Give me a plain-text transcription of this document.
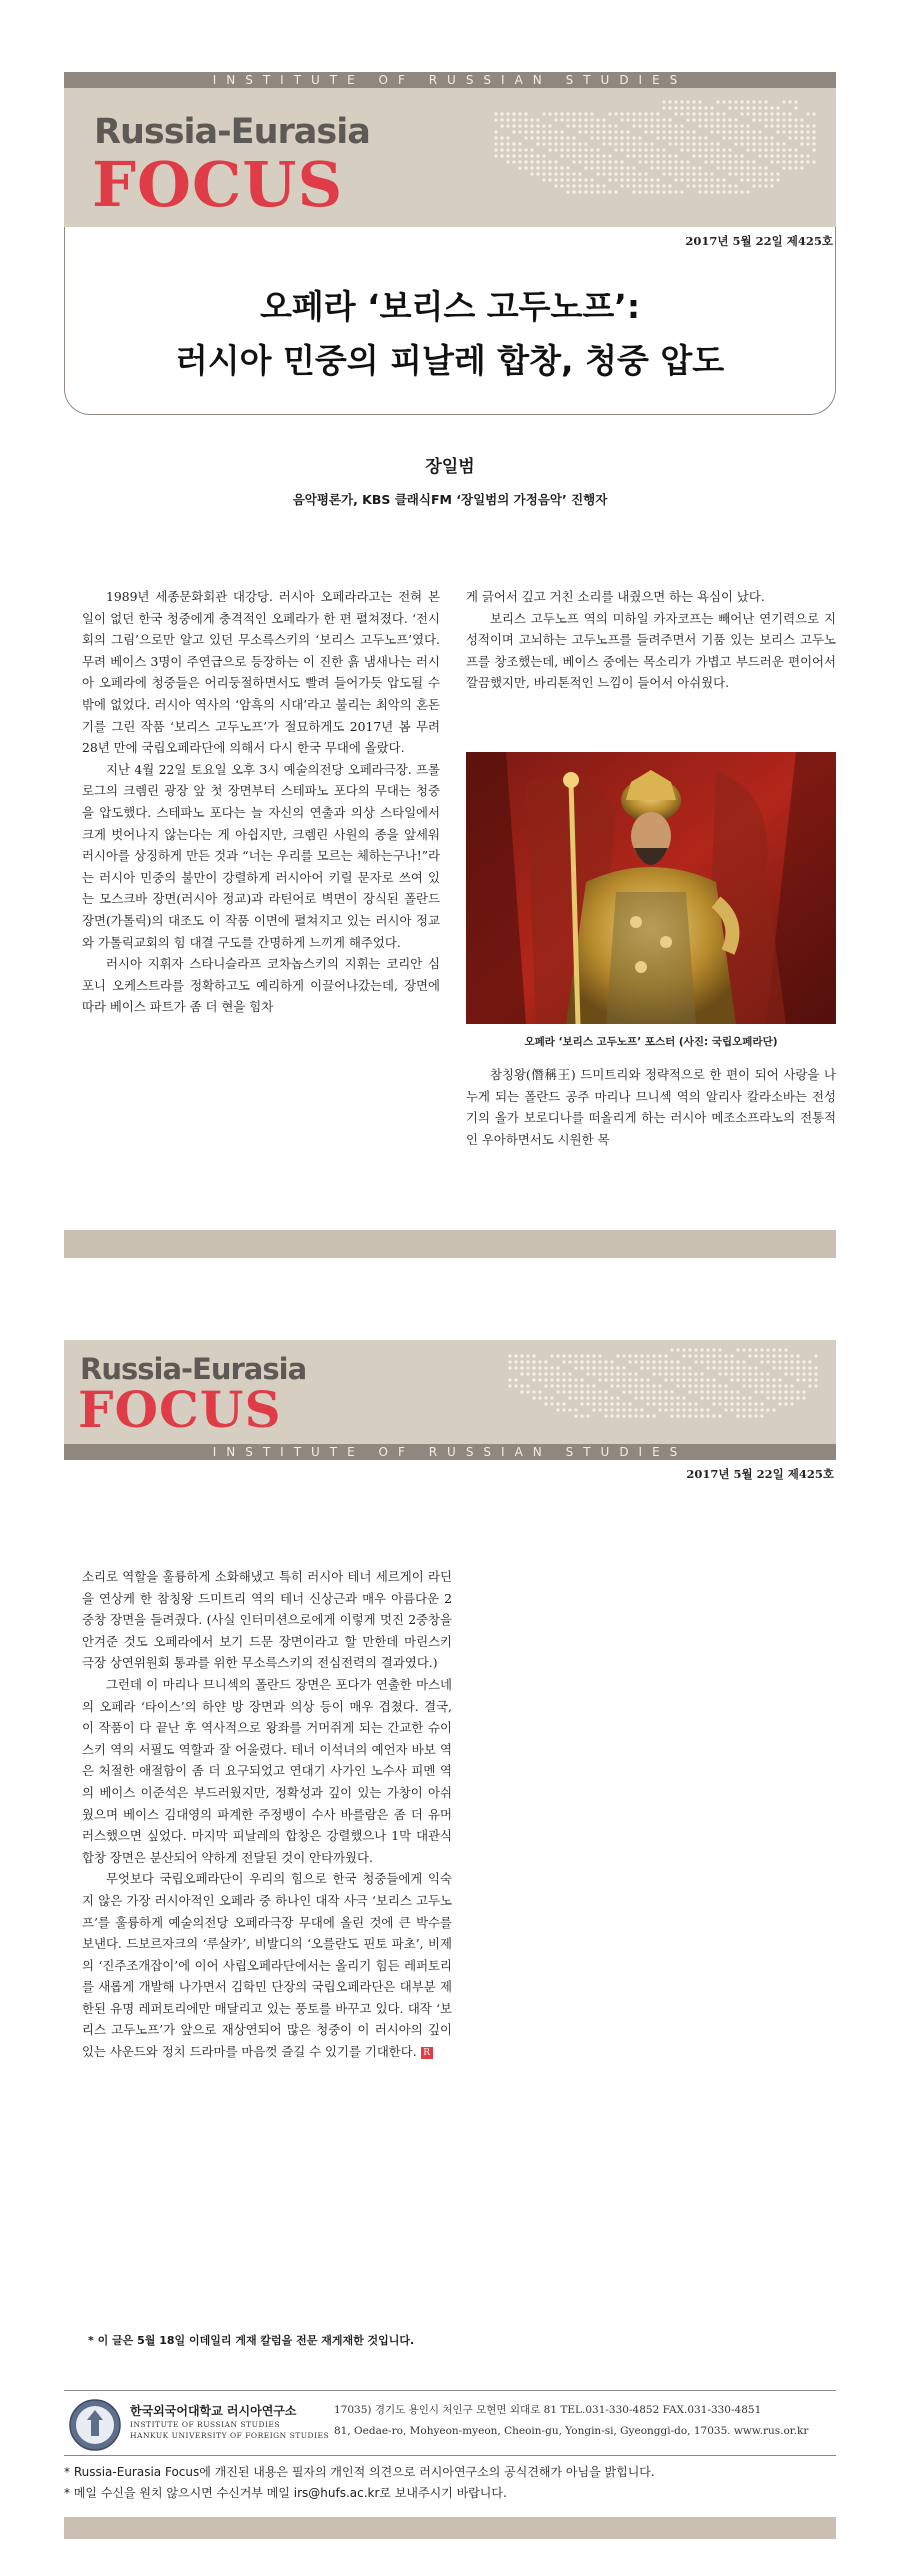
INSTITUTE OF RUSSIAN STUDIES
Russia-Eurasia
FOCUS
2017년 5월 22일 제425호
오페라 ‘보리스 고두노프’:
러시아 민중의 피날레 합창, 청중 압도
장일범
음악평론가, KBS 클래식FM ‘장일범의 가정음악’ 진행자

1989년 세종문화회관 대강당. 러시아 오페라라고는 전혀 본 일이 없던 한국 청중에게 충격적인 오페라가 한 편 펼쳐졌다. ‘전시회의 그림’으로만 알고 있던 무소륵스키의 ‘보리스 고두노프’였다. 무려 베이스 3명이 주연급으로 등장하는 이 진한 흙 냄새나는 러시아 오페라에 청중들은 어리둥절하면서도 빨려 들어가듯 압도될 수밖에 없었다. 러시아 역사의 ‘암흑의 시대’라고 불리는 최악의 혼돈기를 그린 작품 ‘보리스 고두노프’가 절묘하게도 2017년 봄 무려 28년 만에 국립오페라단에 의해서 다시 한국 무대에 올랐다.

지난 4월 22일 토요일 오후 3시 예술의전당 오페라극장. 프롤로그의 크렘린 광장 앞 첫 장면부터 스테파노 포다의 무대는 청중을 압도했다. 스테파노 포다는 늘 자신의 연출과 의상 스타일에서 크게 벗어나지 않는다는 게 아쉽지만, 크렘린 사원의 종을 앞세워 러시아를 상징하게 만든 것과 “너는 우리를 모르는 체하는구나!”라는 러시아 민중의 불만이 강렬하게 러시아어 키릴 문자로 쓰여 있는 모스크바 장면(러시아 정교)과 라틴어로 벽면이 장식된 폴란드 장면(가톨릭)의 대조도 이 작품 이면에 펼쳐지고 있는 러시아 정교와 가톨릭교회의 힘 대결 구도를 간명하게 느끼게 해주었다.

러시아 지휘자 스타니슬라프 코차놉스키의 지휘는 코리안 심포니 오케스트라를 정확하고도 예리하게 이끌어나갔는데, 장면에 따라 베이스 파트가 좀 더 현을 힘차

게 긁어서 깊고 거친 소리를 내줬으면 하는 욕심이 났다.

보리스 고두노프 역의 미하일 카자코프는 빼어난 연기력으로 지성적이며 고뇌하는 고두노프를 들려주면서 기품 있는 보리스 고두노프를 창조했는데, 베이스 중에는 목소리가 가볍고 부드러운 편이어서 깔끔했지만, 바리톤적인 느낌이 들어서 아쉬웠다.

오페라 ‘보리스 고두노프’ 포스터 (사진: 국립오페라단)

참칭왕(僭稱王) 드미트리와 정략적으로 한 편이 되어 사랑을 나누게 되는 폴란드 공주 마리나 므니섹 역의 알리사 칼라소바는 전성기의 올가 보로디나를 떠올리게 하는 러시아 메조소프라노의 전통적인 우아하면서도 시원한 목

Russia-Eurasia
FOCUS
INSTITUTE OF RUSSIAN STUDIES
2017년 5월 22일 제425호

소리로 역할을 훌륭하게 소화해냈고 특히 러시아 테너 세르게이 라딘을 연상케 한 참칭왕 드미트리 역의 테너 신상근과 매우 아름다운 2중창 장면을 들려줬다. (사실 인터미션으로에게 이렇게 멋진 2중창을 안겨준 것도 오페라에서 보기 드문 장면이라고 할 만한데 마린스키 극장 상연위원회 통과를 위한 무소륵스키의 전심전력의 결과였다.)

그런데 이 마리나 므니섹의 폴란드 장면은 포다가 연출한 마스네의 오페라 ‘타이스’의 하얀 방 장면과 의상 등이 매우 겹쳤다. 결국, 이 작품이 다 끝난 후 역사적으로 왕좌를 거머쥐게 되는 간교한 슈이스키 역의 서필도 역할과 잘 어울렸다. 테너 이석녀의 예언자 바보 역은 처절한 애절함이 좀 더 요구되었고 연대기 사가인 노수사 피멘 역의 베이스 이준석은 부드러웠지만, 정확성과 깊이 있는 가창이 아쉬웠으며 베이스 김대영의 파계한 주정뱅이 수사 바를람은 좀 더 유머러스했으면 싶었다. 마지막 피날레의 합창은 강렬했으나 1막 대관식 합창 장면은 분산되어 약하게 전달된 것이 안타까웠다.

무엇보다 국립오페라단이 우리의 힘으로 한국 청중들에게 익숙지 않은 가장 러시아적인 오페라 중 하나인 대작 사극 ‘보리스 고두노프’를 훌륭하게 예술의전당 오페라극장 무대에 올린 것에 큰 박수를 보낸다. 드보르자크의 ‘루살카’, 비발디의 ‘오를란도 핀토 파초’, 비제의 ‘진주조개잡이’에 이어 사립오페라단에서는 올리기 힘든 레퍼토리를 새롭게 개발해 나가면서 김학민 단장의 국립오페라단은 대부분 제한된 유명 레퍼토리에만 매달리고 있는 풍토를 바꾸고 있다. 대작 ‘보리스 고두노프’가 앞으로 재상연되어 많은 청중이 이 러시아의 깊이 있는 사운드와 정치 드라마를 마음껏 즐길 수 있기를 기대한다. R

* 이 글은 5월 18일 이데일리 게재 칼럼을 전문 재게재한 것입니다.
한국외국어대학교 러시아연구소
INSTITUTE OF RUSSIAN STUDIES
HANKUK UNIVERSITY OF FOREIGN STUDIES
17035) 경기도 용인시 처인구 모현면 외대로 81 TEL.031-330-4852 FAX.031-330-4851
81, Oedae-ro, Mohyeon-myeon, Cheoin-gu, Yongin-si, Gyeonggi-do, 17035. www.rus.or.kr
* Russia-Eurasia Focus에 개진된 내용은 필자의 개인적 의견으로 러시아연구소의 공식견해가 아님을 밝힙니다.
* 메일 수신을 원치 않으시면 수신거부 메일 irs@hufs.ac.kr로 보내주시기 바랍니다.
